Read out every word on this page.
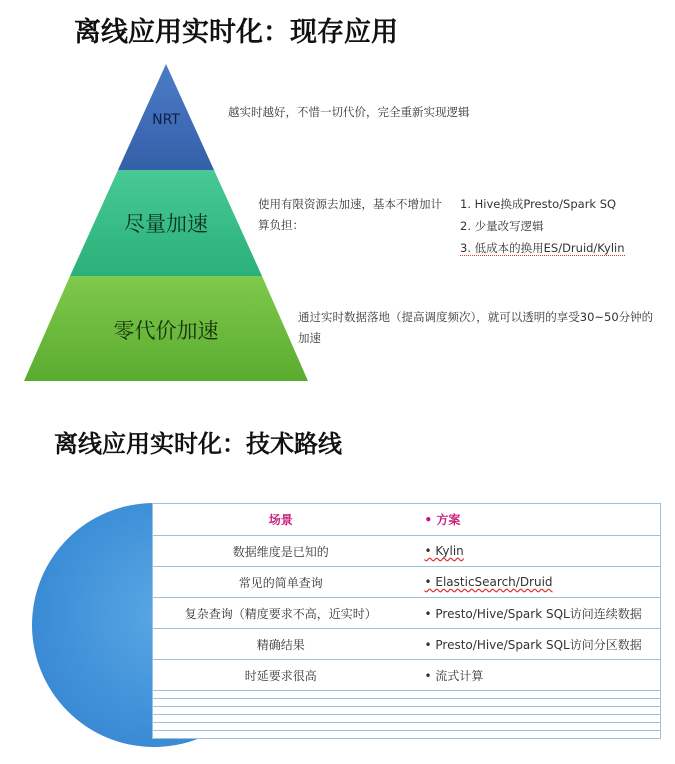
离线应用实时化：现存应用
NRT
尽量加速
零代价加速
越实时越好，不惜一切代价，完全重新实现逻辑
使用有限资源去加速，基本不增加计算负担：
1. Hive换成Presto/Spark SQ
2. 少量改写逻辑
3. 低成本的换用ES/Druid/Kylin
通过实时数据落地（提高调度频次），就可以透明的享受30~50分钟的加速
离线应用实时化：技术路线
场景	• 方案
数据维度是已知的	• Kylin
常见的简单查询	• ElasticSearch/Druid
复杂查询（精度要求不高，近实时）	• Presto/Hive/Spark SQL访问连续数据
精确结果	• Presto/Hive/Spark SQL访问分区数据
时延要求很高	• 流式计算
